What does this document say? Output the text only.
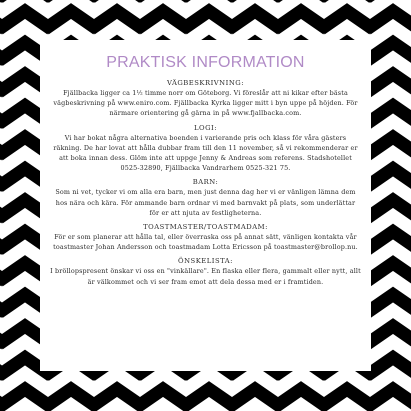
PRAKTISK INFORMATION

VÄGBESKRIVNING:

Fjällbacka ligger ca 1½ timme norr om Göteborg. Vi föreslår att ni kikar efter bästa vägbeskrivning på www.eniro.com. Fjällbacka Kyrka ligger mitt i byn uppe på höjden. För närmare orientering gå gärna in på www.fjallbacka.com.

LOGI:

Vi har bokat några alternativa boenden i varierande pris och klass för våra gästers räkning. De har lovat att hålla dubbar fram till den 11 november, så vi rekommenderar er att boka innan dess. Glöm inte att uppge Jenny & Andreas som referens. Stadshotellet 0525-32890, Fjällbacka Vandrarhem 0525-321 75.

BARN:

Som ni vet, tycker vi om alla era barn, men just denna dag her vi er vänligen lämna dem hos nära och kära. För ammande barn ordnar vi med barnvakt på plats, som underlättar för er att njuta av festligheterna.

TOASTMASTER/TOASTMADAM:

För er som planerar att hålla tal, eller överraska oss på annat sätt, vänligen kontakta vår toastmaster Johan Andersson och toastmadam Lotta Ericsson på toastmaster@brollop.nu.

ÖNSKELISTA:

I bröllopspresent önskar vi oss en "vinkällare". En flaska eller flera, gammalt eller nytt, allt är välkommet och vi ser fram emot att dela dessa med er i framtiden.
